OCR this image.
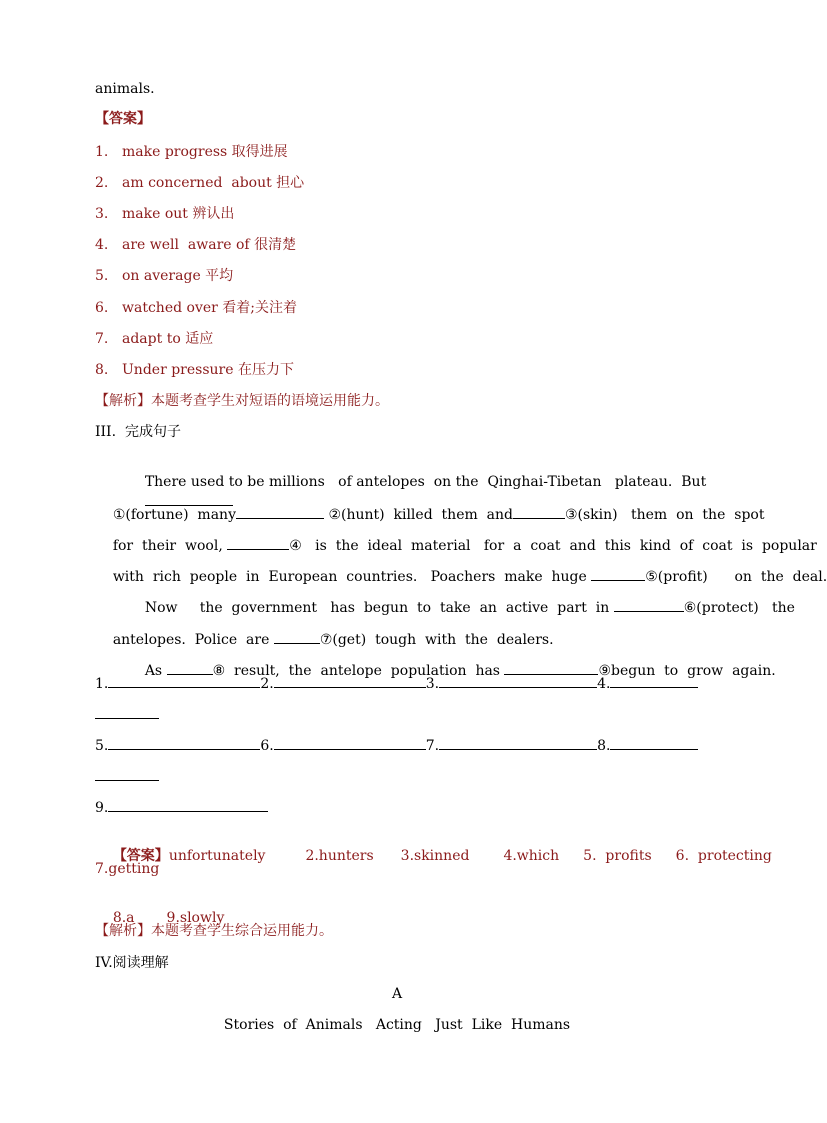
animals.
【答案】
1. make progress 取得进展
2. am concerned  about 担心
3. make out 辨认出
4. are well  aware of 很清楚
5. on average 平均
6. watched over 看着;关注着
7. adapt to 适应
8. Under pressure 在压力下
【解析】本题考查学生对短语的语境运用能力。
III.  完成句子

There used to be millions   of antelopes  on the  Qinghai-Tibetan   plateau.  But

①(fortune)  many	②(hunt)  killed  them  and	③(skin) them  on  the  spot

for  their  wool,	④   is  the  ideal  material   for  a  coat  and  this  kind  of  coat  is  popular

with  rich  people  in  European  countries.   Poachers  make  huge	⑤(profit)      on  the  deal.

Now     the  government   has  begun  to  take  an  active  part  in	⑥(protect)   the

antelopes.  Police  are	⑦(get)  tough  with  the  dealers.

As	⑧  result,  the  antelope  population  has	⑨begun  to  grow  again.

1.	2.	3.	4.
5.	6.	7.	8.
9.

【答案】unfortunately	2.hunters 3.skinned 4.which 5.  profits 6.  protecting

7.getting

8.a 9.slowly

【解析】本题考查学生综合运用能力。
IV.阅读理解
A
Stories  of  Animals   Acting   Just  Like  Humans
